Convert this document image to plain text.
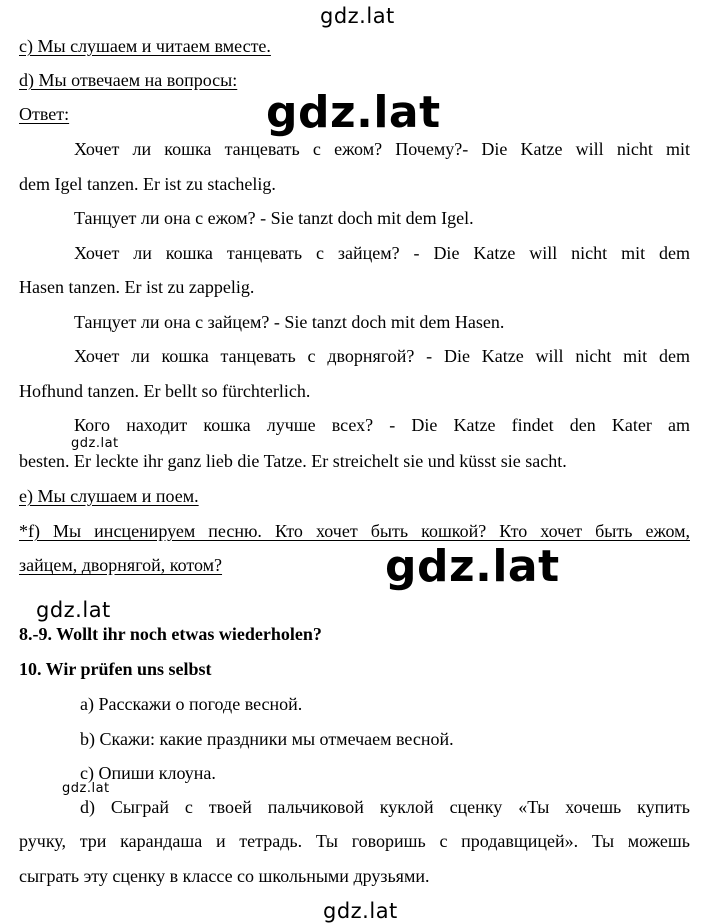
gdz.lat
gdz.lat
gdz.lat
gdz.lat
gdz.lat
gdz.lat
gdz.lat
c) Мы слушаем и читаем вместе.
d) Мы отвечаем на вопросы:
Ответ:
Хочет ли кошка танцевать с ежом? Почему?- Die Katze will nicht mit
dem Igel tanzen. Er ist zu stachelig.
Танцует ли она с ежом? - Sie tanzt doch mit dem Igel.
Хочет ли кошка танцевать с зайцем? - Die Katze will nicht mit dem
Hasen tanzen. Er ist zu zappelig.
Танцует ли она с зайцем? - Sie tanzt doch mit dem Hasen.
Хочет ли кошка танцевать с дворнягой? - Die Katze will nicht mit dem
Hofhund tanzen. Er bellt so fürchterlich.
Кого находит кошка лучше всех? - Die Katze findet den Kater am
besten. Er leckte ihr ganz lieb die Tatze. Er streichelt sie und küsst sie sacht.
e) Мы слушаем и поем.
*f) Мы инсценируем песню. Кто хочет быть кошкой? Кто хочет быть ежом,
зайцем, дворнягой, котом?
8.-9. Wollt ihr noch etwas wiederholen?
10. Wir prüfen uns selbst
a) Расскажи о погоде весной.
b) Скажи: какие праздники мы отмечаем весной.
c) Опиши клоуна.
d) Сыграй с твоей пальчиковой куклой сценку «Ты хочешь купить
ручку, три карандаша и тетрадь. Ты говоришь с продавщицей». Ты можешь
сыграть эту сценку в классе со школьными друзьями.
